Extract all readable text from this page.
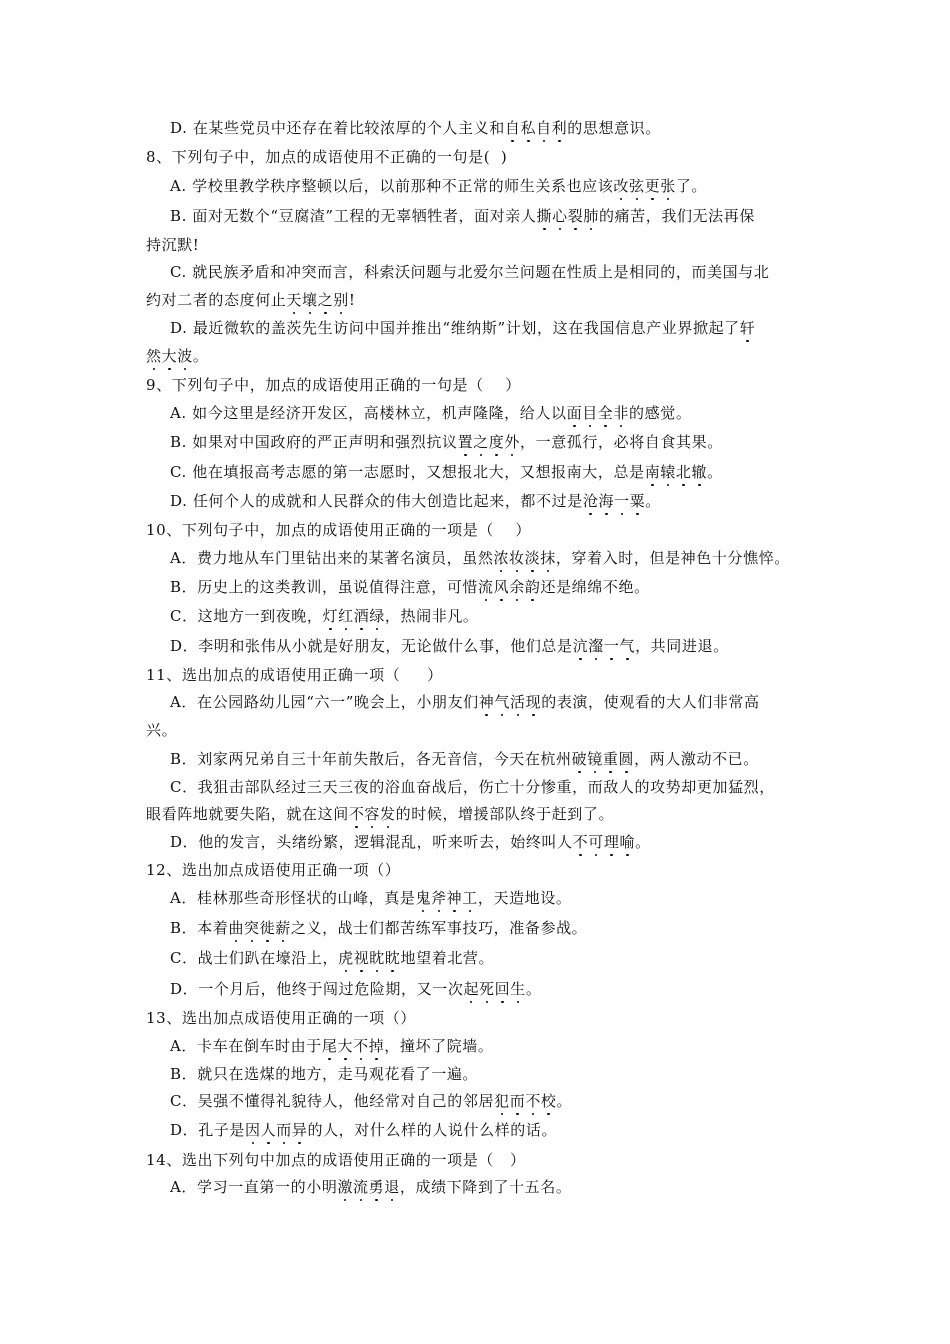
D. 在某些党员中还存在着比较浓厚的个人主义和自私自利的思想意识。
8、下列句子中，加点的成语使用不正确的一句是(  )
A. 学校里教学秩序整顿以后，以前那种不正常的师生关系也应该改弦更张了。
B. 面对无数个“豆腐渣”工程的无辜牺牲者，面对亲人撕心裂肺的痛苦，我们无法再保
持沉默!
C. 就民族矛盾和冲突而言，科索沃问题与北爱尔兰问题在性质上是相同的，而美国与北
约对二者的态度何止天壤之别!
D. 最近微软的盖茨先生访问中国并推出“维纳斯”计划，这在我国信息产业界掀起了轩
然大波。
9、下列句子中，加点的成语使用正确的一句是（    ）
A. 如今这里是经济开发区，高楼林立，机声隆隆，给人以面目全非的感觉。
B. 如果对中国政府的严正声明和强烈抗议置之度外，一意孤行，必将自食其果。
C. 他在填报高考志愿的第一志愿时，又想报北大，又想报南大，总是南辕北辙。
D. 任何个人的成就和人民群众的伟大创造比起来，都不过是沧海一粟。
10、下列句子中，加点的成语使用正确的一项是（    ）
A．费力地从车门里钻出来的某著名演员，虽然浓妆淡抹，穿着入时，但是神色十分憔悴。
B．历史上的这类教训，虽说值得注意，可惜流风余韵还是绵绵不绝。
C．这地方一到夜晚，灯红酒绿，热闹非凡。
D．李明和张伟从小就是好朋友，无论做什么事，他们总是沆瀣一气，共同进退。
11、选出加点的成语使用正确一项（     ）
A．在公园路幼儿园“六一”晚会上，小朋友们神气活现的表演，使观看的大人们非常高
兴。
B．刘家两兄弟自三十年前失散后，各无音信，今天在杭州破镜重圆，两人激动不已。
C．我狙击部队经过三天三夜的浴血奋战后，伤亡十分惨重，而敌人的攻势却更加猛烈，
眼看阵地就要失陷，就在这间不容发的时候，增援部队终于赶到了。
D．他的发言，头绪纷繁，逻辑混乱，听来听去，始终叫人不可理喻。
12、选出加点成语使用正确一项（）
A．桂林那些奇形怪状的山峰，真是鬼斧神工，天造地设。
B．本着曲突徙薪之义，战士们都苦练军事技巧，准备参战。
C．战士们趴在壕沿上，虎视眈眈地望着北营。
D．一个月后，他终于闯过危险期，又一次起死回生。
13、选出加点成语使用正确的一项（）
A．卡车在倒车时由于尾大不掉，撞坏了院墙。
B．就只在选煤的地方，走马观花看了一遍。
C．吴强不懂得礼貌待人，他经常对自己的邻居犯而不校。
D．孔子是因人而异的人，对什么样的人说什么样的话。
14、选出下列句中加点的成语使用正确的一项是（   ）
A．学习一直第一的小明激流勇退，成绩下降到了十五名。
